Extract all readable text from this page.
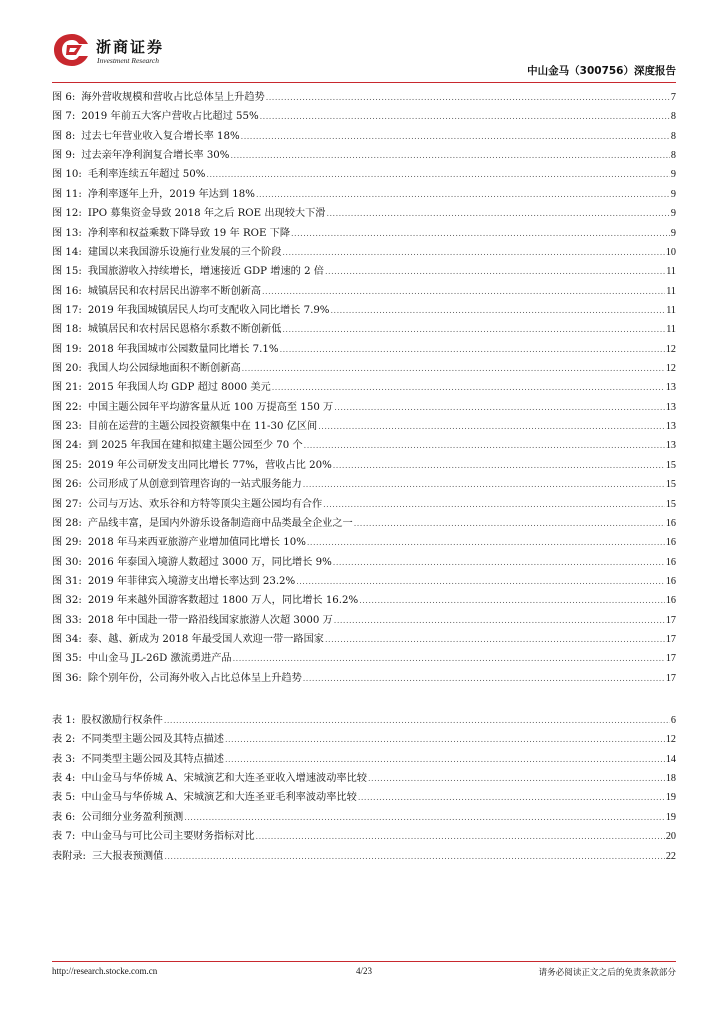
浙商证券
Investment Research
中山金马（300756）深度报告
图 6: 海外营收规模和营收占比总体呈上升趋势 .....	7
图 7: 2019 年前五大客户营收占比超过 55% .....	8
图 8: 过去七年营业收入复合增长率 18% .....	8
图 9: 过去亲年净利润复合增长率 30% .....	8
图 10: 毛利率连续五年超过 50% .....	9
图 11: 净利率逐年上升，2019 年达到 18% .....	9
图 12: IPO 募集资金导致 2018 年之后 ROE 出现较大下滑 .....	9
图 13: 净利率和权益乘数下降导致 19 年 ROE 下降 .....	9
图 14: 建国以来我国游乐设施行业发展的三个阶段 .....	10
图 15: 我国旅游收入持续增长，增速接近 GDP 增速的 2 倍 .....	11
图 16: 城镇居民和农村居民出游率不断创新高 .....	11
图 17: 2019 年我国城镇居民人均可支配收入同比增长 7.9% .....	11
图 18: 城镇居民和农村居民恩格尔系数不断创新低 .....	11
图 19: 2018 年我国城市公园数量同比增长 7.1% .....	12
图 20: 我国人均公园绿地面积不断创新高 .....	12
图 21: 2015 年我国人均 GDP 超过 8000 美元 .....	13
图 22: 中国主题公园年平均游客量从近 100 万提高至 150 万 .....	13
图 23: 目前在运营的主题公园投资额集中在 11-30 亿区间 .....	13
图 24: 到 2025 年我国在建和拟建主题公园至少 70 个 .....	13
图 25: 2019 年公司研发支出同比增长 77%，营收占比 20% .....	15
图 26: 公司形成了从创意到管理咨询的一站式服务能力 .....	15
图 27: 公司与万达、欢乐谷和方特等顶尖主题公园均有合作 .....	15
图 28: 产品线丰富，是国内外游乐设备制造商中品类最全企业之一 .....	16
图 29: 2018 年马来西亚旅游产业增加值同比增长 10% .....	16
图 30: 2016 年泰国入境游人数超过 3000 万，同比增长 9% .....	16
图 31: 2019 年菲律宾入境游支出增长率达到 23.2% .....	16
图 32: 2019 年来越外国游客数超过 1800 万人，同比增长 16.2% .....	16
图 33: 2018 年中国赴一带一路沿线国家旅游人次超 3000 万 .....	17
图 34: 泰、越、新成为 2018 年最受国人欢迎一带一路国家 .....	17
图 35: 中山金马 JL-26D 激流勇进产品 .....	17
图 36: 除个别年份，公司海外收入占比总体呈上升趋势 .....	17
表 1: 股权激励行权条件 .....	6
表 2: 不同类型主题公园及其特点描述 .....	12
表 3: 不同类型主题公园及其特点描述 .....	14
表 4: 中山金马与华侨城 A、宋城演艺和大连圣亚收入增速波动率比较 .....	18
表 5: 中山金马与华侨城 A、宋城演艺和大连圣亚毛利率波动率比较 .....	19
表 6: 公司细分业务盈利预测 .....	19
表 7: 中山金马与可比公司主要财务指标对比 .....	20
表附录: 三大报表预测值 .....	22
http://research.stocke.com.cn	4/23	请务必阅读正文之后的免责条款部分
